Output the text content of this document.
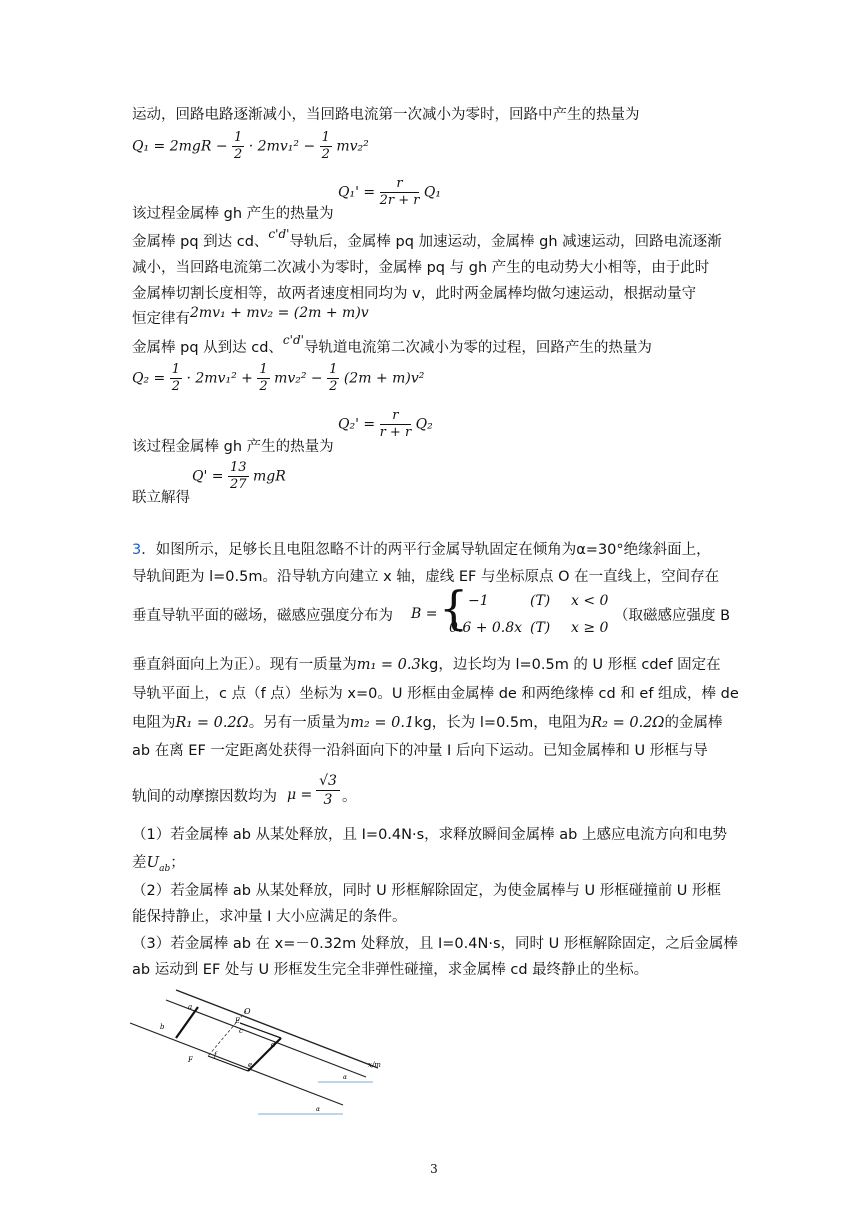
运动，回路电路逐渐减小，当回路电流第一次减小为零时，回路中产生的热量为
$Q_1 = 2mgR - \frac{1}{2} \cdot 2mv_1^2 - \frac{1}{2} mv_2^2$
该过程金属棒 gh 产生的热量为
$Q_1' = \frac{r}{2r + r} Q_1$
金属棒 pq 到达 cd、$^{c'd'}$导轨后，金属棒 pq 加速运动，金属棒 gh 减速运动，回路电流逐渐
减小，当回路电流第二次减小为零时，金属棒 pq 与 gh 产生的电动势大小相等，由于此时
金属棒切割长度相等，故两者速度相同均为 v，此时两金属棒均做匀速运动，根据动量守
恒定律有2mv₁ + mv₂ = (2m + m)v
金属棒 pq 从到达 cd、$^{c'd'}$导轨道电流第二次减小为零的过程，回路产生的热量为
$Q_2 = \frac{1}{2} \cdot 2mv_1^2 + \frac{1}{2} mv_2^2 - \frac{1}{2} (2m + m)v^2$
该过程金属棒 gh 产生的热量为
$Q_2' = \frac{r}{r + r} Q_2$
$Q' = \frac{13}{27}$ mgR
联立解得
3．如图所示，足够长且电阻忽略不计的两平行金属导轨固定在倾角为α=30°绝缘斜面上，
导轨间距为 l=0.5m。沿导轨方向建立 x 轴，虚线 EF 与坐标原点 O 在一直线上，空间存在
垂直导轨平面的磁场，磁感应强度分布为 B = { −1	(T) x < 0
0.6 + 0.8x (T) x ≥ 0
（取磁感应强度 B
垂直斜面向上为正）。现有一质量为m₁ = 0.3kg，边长均为 l=0.5m 的 U 形框 cdef 固定在
导轨平面上，c 点（f 点）坐标为 x=0。U 形框由金属棒 de 和两绝缘棒 cd 和 ef 组成，棒 de
电阻为R₁ = 0.2Ω。另有一质量为m₂ = 0.1kg，长为 l=0.5m，电阻为R₂ = 0.2Ω的金属棒
ab 在离 EF 一定距离处获得一沿斜面向下的冲量 I 后向下运动。已知金属棒和 U 形框与导
轨间的动摩擦因数均为 $\mu = \frac{√3}{3}$ 。
（1）若金属棒 ab 从某处释放，且 I=0.4N·s，求释放瞬间金属棒 ab 上感应电流方向和电势
差$U_{ab}$；
（2）若金属棒 ab 从某处释放，同时 U 形框解除固定，为使金属棒与 U 形框碰撞前 U 形框
能保持静止，求冲量 I 大小应满足的条件。
（3）若金属棒 ab 在 x=－0.32m 处释放，且 I=0.4N·s，同时 U 形框解除固定，之后金属棒
ab 运动到 EF 处与 U 形框发生完全非弹性碰撞，求金属棒 cd 最终静止的坐标。
O
E
a
b	c
d
e
f
F
x/m
α
α
3
